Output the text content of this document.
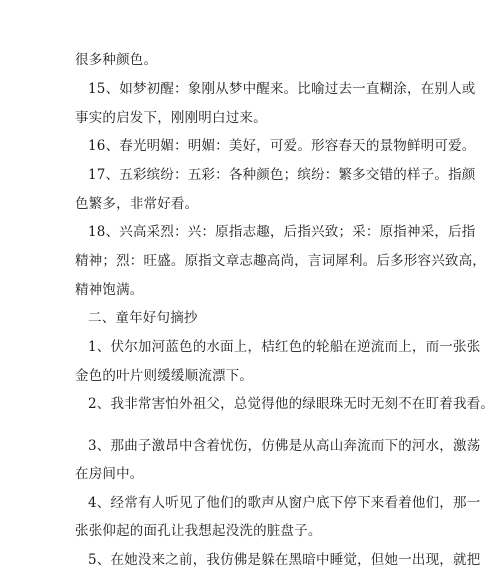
很多种颜色。
15、如梦初醒：象刚从梦中醒来。比喻过去一直糊涂，在别人或
事实的启发下，刚刚明白过来。
16、春光明媚：明媚：美好，可爱。形容春天的景物鲜明可爱。
17、五彩缤纷：五彩：各种颜色；缤纷：繁多交错的样子。指颜
色繁多，非常好看。
18、兴高采烈：兴：原指志趣，后指兴致；采：原指神采，后指
精神；烈：旺盛。原指文章志趣高尚，言词犀利。后多形容兴致高，
精神饱满。
二、童年好句摘抄
1、伏尔加河蓝色的水面上，桔红色的轮船在逆流而上，而一张张
金色的叶片则缓缓顺流漂下。
2、我非常害怕外祖父，总觉得他的绿眼珠无时无刻不在盯着我看。
3、那曲子激昂中含着忧伤，仿佛是从高山奔流而下的河水，激荡
在房间中。
4、经常有人听见了他们的歌声从窗户底下停下来看着他们，那一
张张仰起的面孔让我想起没洗的脏盘子。
5、在她没来之前，我仿佛是躲在黑暗中睡觉，但她一出现，就把
